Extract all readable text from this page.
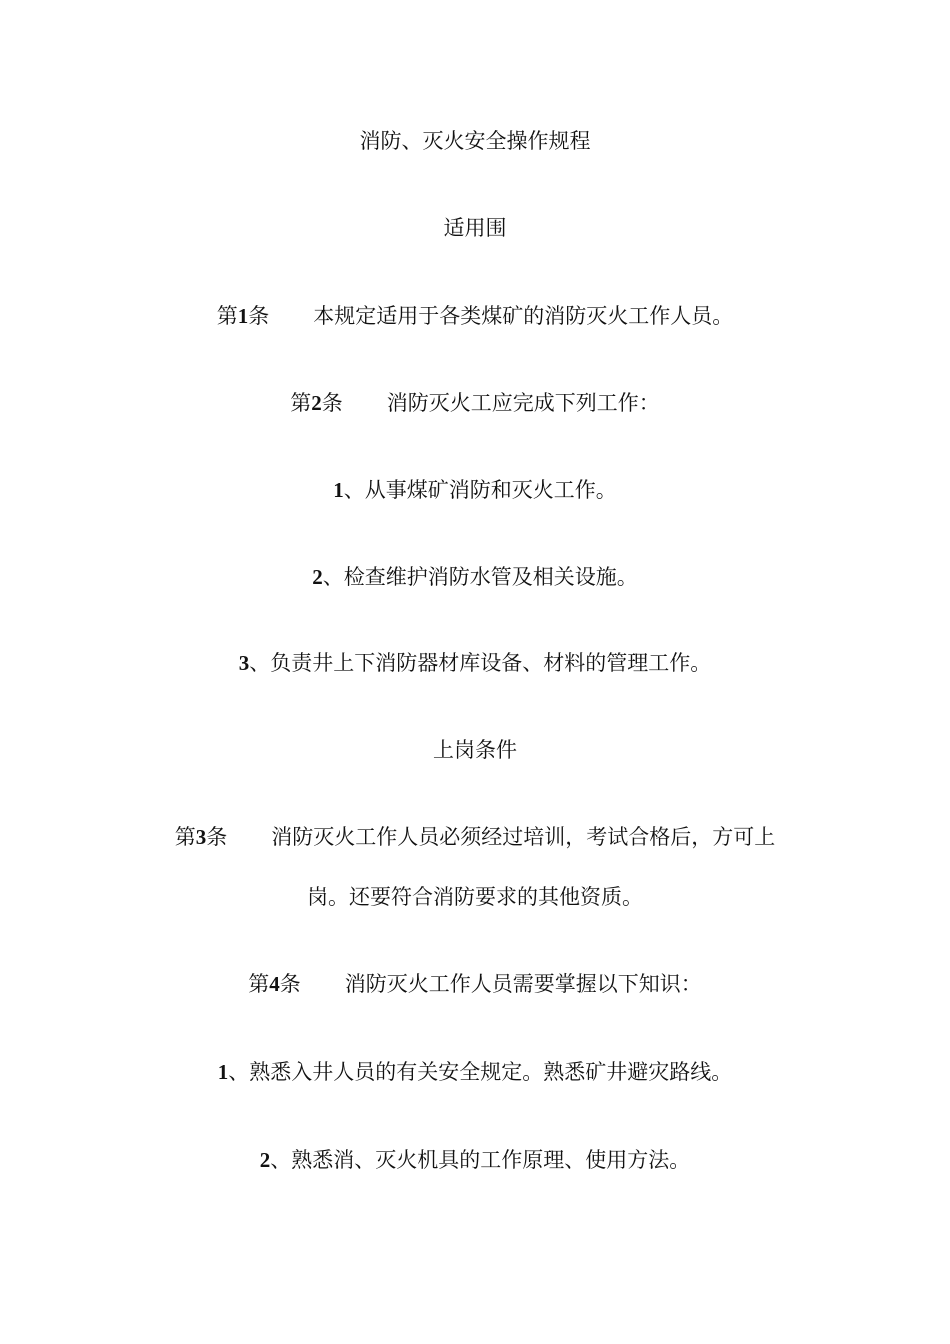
消防、灭火安全操作规程
适用围
第1条 本规定适用于各类煤矿的消防灭火工作人员。
第2条 消防灭火工应完成下列工作：
1、从事煤矿消防和灭火工作。
2、检查维护消防水管及相关设施。
3、负责井上下消防器材库设备、材料的管理工作。
上岗条件
第3条 消防灭火工作人员必须经过培训，考试合格后，方可上
岗。还要符合消防要求的其他资质。
第4条 消防灭火工作人员需要掌握以下知识：
1、熟悉入井人员的有关安全规定。熟悉矿井避灾路线。
2、熟悉消、灭火机具的工作原理、使用方法。
